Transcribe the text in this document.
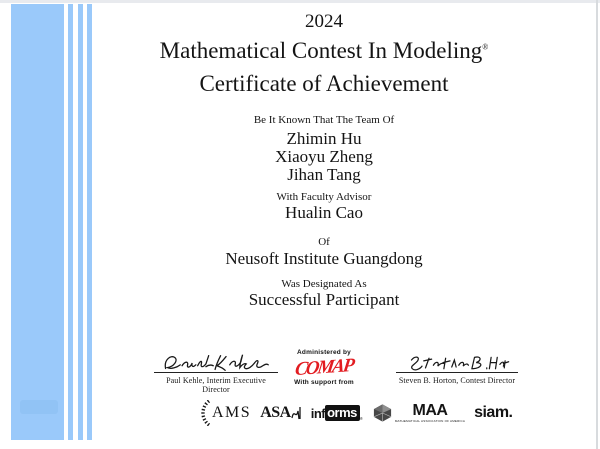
2024
Mathematical Contest In Modeling®
Certificate of Achievement
Be It Known That The Team Of
Zhimin Hu
Xiaoyu Zheng
Jihan Tang
With Faculty Advisor
Hualin Cao
Of
Neusoft Institute Guangdong
Was Designated As
Successful Participant
Paul Kehle, Interim Executive Director
Administered by
COMAP
With support from	Steven B. Horton, Contest Director
AMS ASA inf orms ®	MAA
MATHEMATICAL ASSOCIATION OF AMERICA siam.
